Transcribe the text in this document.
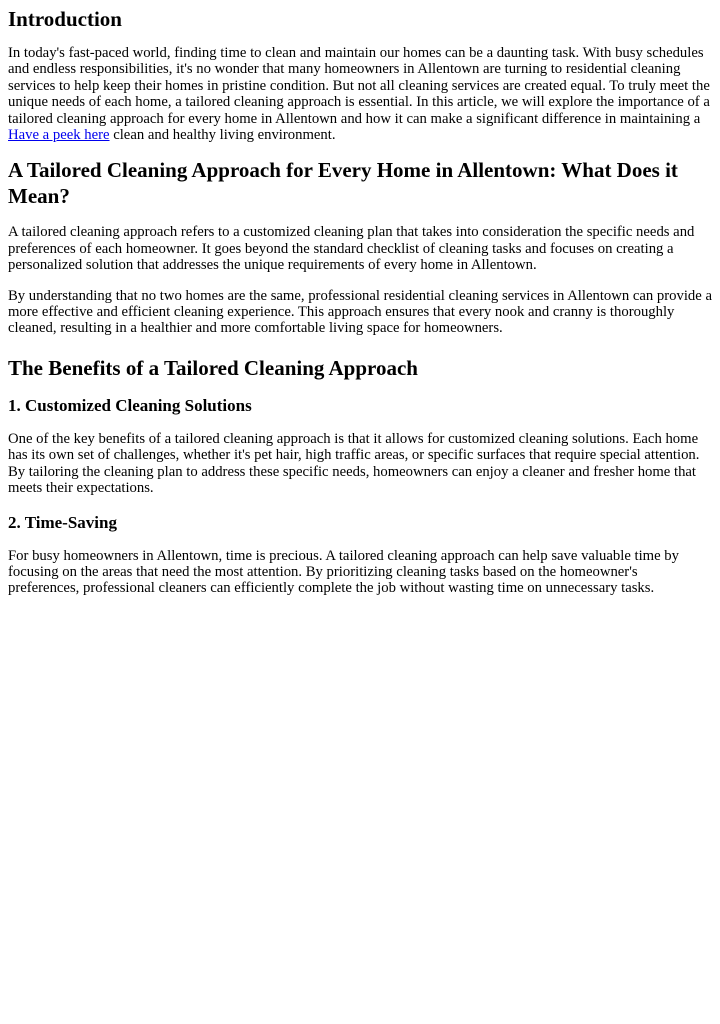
Introduction

In today's fast-paced world, finding time to clean and maintain our homes can be a daunting task. With busy schedules and endless responsibilities, it's no wonder that many homeowners in Allentown are turning to residential cleaning services to help keep their homes in pristine condition. But not all cleaning services are created equal. To truly meet the unique needs of each home, a tailored cleaning approach is essential. In this article, we will explore the importance of a tailored cleaning approach for every home in Allentown and how it can make a significant difference in maintaining a Have a peek here clean and healthy living environment.

A Tailored Cleaning Approach for Every Home in Allentown: What Does it Mean?

A tailored cleaning approach refers to a customized cleaning plan that takes into consideration the specific needs and preferences of each homeowner. It goes beyond the standard checklist of cleaning tasks and focuses on creating a personalized solution that addresses the unique requirements of every home in Allentown.

By understanding that no two homes are the same, professional residential cleaning services in Allentown can provide a more effective and efficient cleaning experience. This approach ensures that every nook and cranny is thoroughly cleaned, resulting in a healthier and more comfortable living space for homeowners.

The Benefits of a Tailored Cleaning Approach
1. Customized Cleaning Solutions

One of the key benefits of a tailored cleaning approach is that it allows for customized cleaning solutions. Each home has its own set of challenges, whether it's pet hair, high traffic areas, or specific surfaces that require special attention. By tailoring the cleaning plan to address these specific needs, homeowners can enjoy a cleaner and fresher home that meets their expectations.

2. Time-Saving

For busy homeowners in Allentown, time is precious. A tailored cleaning approach can help save valuable time by focusing on the areas that need the most attention. By prioritizing cleaning tasks based on the homeowner's preferences, professional cleaners can efficiently complete the job without wasting time on unnecessary tasks.
